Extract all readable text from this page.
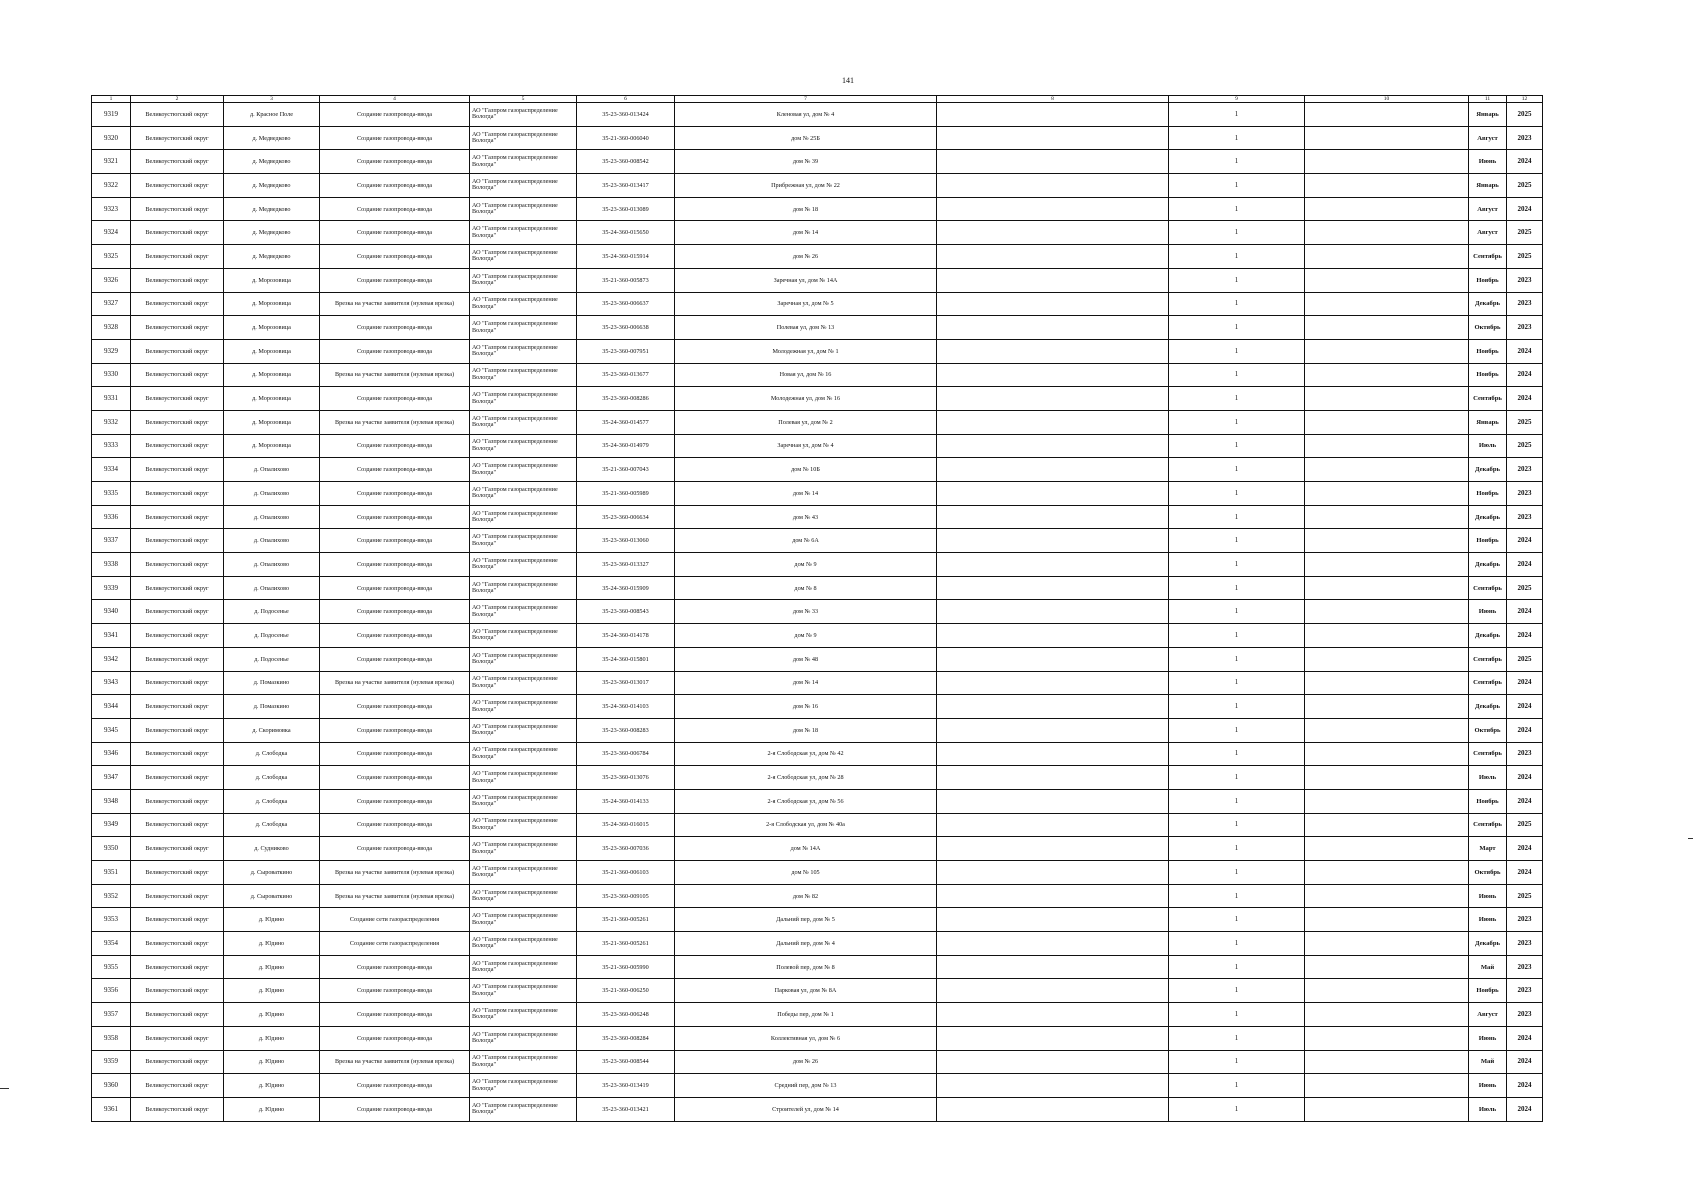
141
1	2	3	4	5	6	7	8	9	10	11	12
9319	Великоустюгский округ	д. Красное Поле	Создание газопровода-ввода	АО "Газпром газораспределение Вологда"	35-23-360-013424	Кленовая ул, дом № 4		1		Январь	2025
9320	Великоустюгский округ	д. Медведково	Создание газопровода-ввода	АО "Газпром газораспределение Вологда"	35-21-360-006040	дом № 25Б		1		Август	2023
9321	Великоустюгский округ	д. Медведково	Создание газопровода-ввода	АО "Газпром газораспределение Вологда"	35-23-360-008542	дом № 39		1		Июнь	2024
9322	Великоустюгский округ	д. Медведково	Создание газопровода-ввода	АО "Газпром газораспределение Вологда"	35-23-360-013417	Прибрежная ул, дом № 22		1		Январь	2025
9323	Великоустюгский округ	д. Медведково	Создание газопровода-ввода	АО "Газпром газораспределение Вологда"	35-23-360-013089	дом № 18		1		Август	2024
9324	Великоустюгский округ	д. Медведково	Создание газопровода-ввода	АО "Газпром газораспределение Вологда"	35-24-360-015650	дом № 14		1		Август	2025
9325	Великоустюгский округ	д. Медведково	Создание газопровода-ввода	АО "Газпром газораспределение Вологда"	35-24-360-015914	дом № 26		1		Сентябрь	2025
9326	Великоустюгский округ	д. Морозовица	Создание газопровода-ввода	АО "Газпром газораспределение Вологда"	35-21-360-005873	Заречная ул, дом № 14А		1		Ноябрь	2023
9327	Великоустюгский округ	д. Морозовица	Врезка на участке заявителя (нулевая врезка)	АО "Газпром газораспределение Вологда"	35-23-360-006637	Заречная ул, дом № 5		1		Декабрь	2023
9328	Великоустюгский округ	д. Морозовица	Создание газопровода-ввода	АО "Газпром газораспределение Вологда"	35-23-360-006638	Полевая ул, дом № 13		1		Октябрь	2023
9329	Великоустюгский округ	д. Морозовица	Создание газопровода-ввода	АО "Газпром газораспределение Вологда"	35-23-360-007951	Молодежная ул, дом № 1		1		Ноябрь	2024
9330	Великоустюгский округ	д. Морозовица	Врезка на участке заявителя (нулевая врезка)	АО "Газпром газораспределение Вологда"	35-23-360-013677	Новая ул, дом № 16		1		Ноябрь	2024
9331	Великоустюгский округ	д. Морозовица	Создание газопровода-ввода	АО "Газпром газораспределение Вологда"	35-23-360-008286	Молодежная ул, дом № 16		1		Сентябрь	2024
9332	Великоустюгский округ	д. Морозовица	Врезка на участке заявителя (нулевая врезка)	АО "Газпром газораспределение Вологда"	35-24-360-014577	Полевая ул, дом № 2		1		Январь	2025
9333	Великоустюгский округ	д. Морозовица	Создание газопровода-ввода	АО "Газпром газораспределение Вологда"	35-24-360-014979	Заречная ул, дом № 4		1		Июль	2025
9334	Великоустюгский округ	д. Опалихово	Создание газопровода-ввода	АО "Газпром газораспределение Вологда"	35-21-360-007043	дом № 10Б		1		Декабрь	2023
9335	Великоустюгский округ	д. Опалихово	Создание газопровода-ввода	АО "Газпром газораспределение Вологда"	35-21-360-005989	дом № 14		1		Ноябрь	2023
9336	Великоустюгский округ	д. Опалихово	Создание газопровода-ввода	АО "Газпром газораспределение Вологда"	35-23-360-006634	дом № 43		1		Декабрь	2023
9337	Великоустюгский округ	д. Опалихово	Создание газопровода-ввода	АО "Газпром газораспределение Вологда"	35-23-360-013060	дом № 6А		1		Ноябрь	2024
9338	Великоустюгский округ	д. Опалихово	Создание газопровода-ввода	АО "Газпром газораспределение Вологда"	35-23-360-013327	дом № 9		1		Декабрь	2024
9339	Великоустюгский округ	д. Опалихово	Создание газопровода-ввода	АО "Газпром газораспределение Вологда"	35-24-360-015909	дом № 8		1		Сентябрь	2025
9340	Великоустюгский округ	д. Подосенье	Создание газопровода-ввода	АО "Газпром газораспределение Вологда"	35-23-360-008543	дом № 33		1		Июнь	2024
9341	Великоустюгский округ	д. Подосенье	Создание газопровода-ввода	АО "Газпром газораспределение Вологда"	35-24-360-014178	дом № 9		1		Декабрь	2024
9342	Великоустюгский округ	д. Подосенье	Создание газопровода-ввода	АО "Газпром газораспределение Вологда"	35-24-360-015801	дом № 48		1		Сентябрь	2025
9343	Великоустюгский округ	д. Помазкино	Врезка на участке заявителя (нулевая врезка)	АО "Газпром газораспределение Вологда"	35-23-360-013017	дом № 14		1		Сентябрь	2024
9344	Великоустюгский округ	д. Помазкино	Создание газопровода-ввода	АО "Газпром газораспределение Вологда"	35-24-360-014103	дом № 16		1		Декабрь	2024
9345	Великоустюгский округ	д. Скоримовка	Создание газопровода-ввода	АО "Газпром газораспределение Вологда"	35-23-360-008283	дом № 18		1		Октябрь	2024
9346	Великоустюгский округ	д. Слободка	Создание газопровода-ввода	АО "Газпром газораспределение Вологда"	35-23-360-006784	2-я Слободская ул, дом № 42		1		Сентябрь	2023
9347	Великоустюгский округ	д. Слободка	Создание газопровода-ввода	АО "Газпром газораспределение Вологда"	35-23-360-013076	2-я Слободская ул, дом № 28		1		Июль	2024
9348	Великоустюгский округ	д. Слободка	Создание газопровода-ввода	АО "Газпром газораспределение Вологда"	35-24-360-014133	2-я Слободская ул, дом № 56		1		Ноябрь	2024
9349	Великоустюгский округ	д. Слободка	Создание газопровода-ввода	АО "Газпром газораспределение Вологда"	35-24-360-016015	2-я Слободская ул, дом № 40а		1		Сентябрь	2025
9350	Великоустюгский округ	д. Судниково	Создание газопровода-ввода	АО "Газпром газораспределение Вологда"	35-23-360-007036	дом № 14А		1		Март	2024
9351	Великоустюгский округ	д. Сыроваткино	Врезка на участке заявителя (нулевая врезка)	АО "Газпром газораспределение Вологда"	35-21-360-006103	дом № 105		1		Октябрь	2024
9352	Великоустюгский округ	д. Сыроваткино	Врезка на участке заявителя (нулевая врезка)	АО "Газпром газораспределение Вологда"	35-23-360-009105	дом № 82		1		Июнь	2025
9353	Великоустюгский округ	д. Юдино	Создание сети газораспределения	АО "Газпром газораспределение Вологда"	35-21-360-005261	Дальний пер, дом № 5		1		Июнь	2023
9354	Великоустюгский округ	д. Юдино	Создание сети газораспределения	АО "Газпром газораспределение Вологда"	35-21-360-005261	Дальний пер, дом № 4		1		Декабрь	2023
9355	Великоустюгский округ	д. Юдино	Создание газопровода-ввода	АО "Газпром газораспределение Вологда"	35-21-360-005990	Полевой пер, дом № 8		1		Май	2023
9356	Великоустюгский округ	д. Юдино	Создание газопровода-ввода	АО "Газпром газораспределение Вологда"	35-21-360-006250	Парковая ул, дом № 8А		1		Ноябрь	2023
9357	Великоустюгский округ	д. Юдино	Создание газопровода-ввода	АО "Газпром газораспределение Вологда"	35-23-360-006248	Победы пер, дом № 1		1		Август	2023
9358	Великоустюгский округ	д. Юдино	Создание газопровода-ввода	АО "Газпром газораспределение Вологда"	35-23-360-008284	Коллективная ул, дом № 6		1		Июнь	2024
9359	Великоустюгский округ	д. Юдино	Врезка на участке заявителя (нулевая врезка)	АО "Газпром газораспределение Вологда"	35-23-360-008544	дом № 26		1		Май	2024
9360	Великоустюгский округ	д. Юдино	Создание газопровода-ввода	АО "Газпром газораспределение Вологда"	35-23-360-013419	Средний пер, дом № 13		1		Июнь	2024
9361	Великоустюгский округ	д. Юдино	Создание газопровода-ввода	АО "Газпром газораспределение Вологда"	35-23-360-013421	Строителей ул, дом № 14		1		Июль	2024
